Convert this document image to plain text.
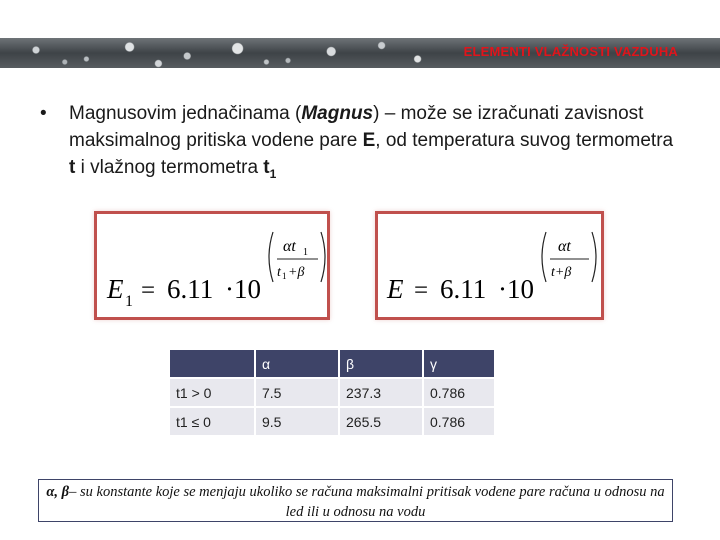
ELEMENTI VLAŽNOSTI VAZDUHA
• Magnusovim jednačinama (Magnus) – može se izračunati zavisnost maksimalnog pritiska vodene pare E, od temperatura suvog termometra t i vlažnog termometra $t_1$
E 1 = 6.11 · 10
αt 1
t 1 +β
E = 6.11 · 10
αt
t+β
	α	β	γ
t1 > 0	7.5	237.3	0.786
t1 ≤ 0	9.5	265.5	0.786
α, β– su konstante koje se menjaju ukoliko se računa maksimalni pritisak vodene pare računa u odnosu na led ili u odnosu na vodu
